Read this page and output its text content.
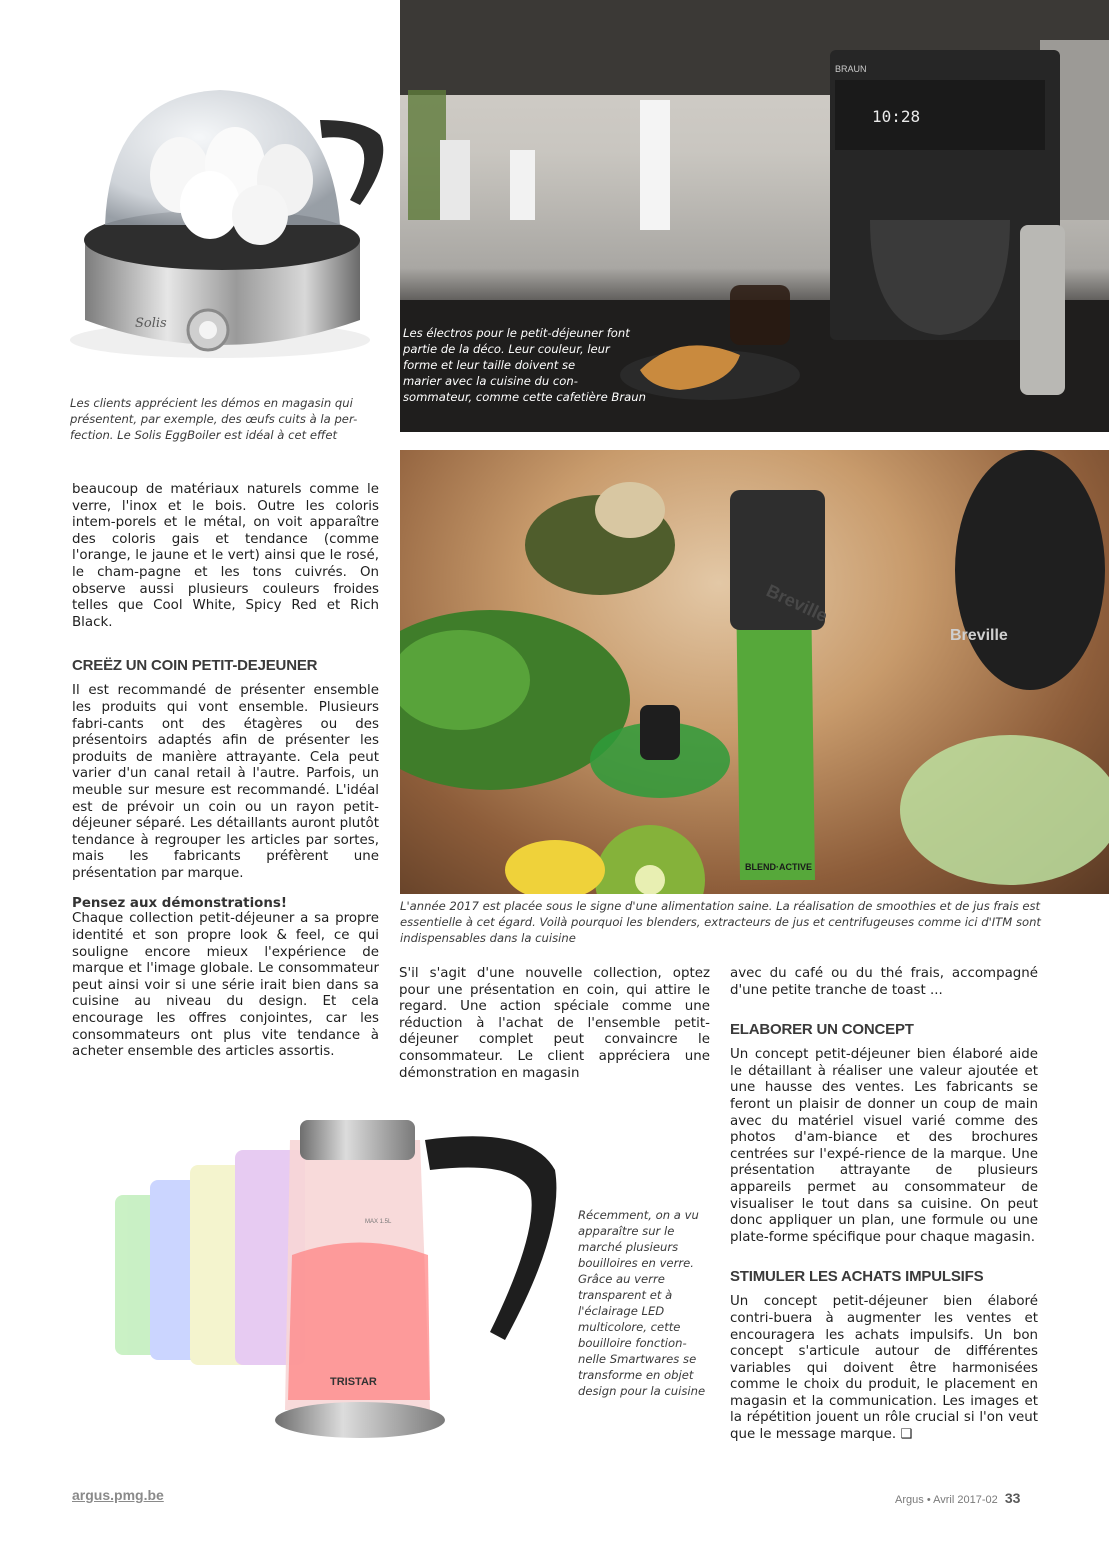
Solis

Les clients apprécient les démos en magasin qui présentent, par exemple, des œufs cuits à la per-fection. Le Solis EggBoiler est idéal à cet effet

10:28
BRAUN

Les électros pour le petit-déjeuner font

partie de la déco. Leur couleur, leur

forme et leur taille doivent se

marier avec la cuisine du con-

sommateur, comme cette cafetière Braun

Breville
BLEND·ACTIVE
Breville

L'année 2017 est placée sous le signe d'une alimentation saine. La réalisation de smoothies et de jus frais est essentielle à cet égard. Voilà pourquoi les blenders, extracteurs de jus et centrifugeuses comme ici d'ITM sont indispensables dans la cuisine

beaucoup de matériaux naturels comme le verre, l'inox et le bois. Outre les coloris intem-porels et le métal, on voit apparaître des coloris gais et tendance (comme l'orange, le jaune et le vert) ainsi que le rosé, le cham-pagne et les tons cuivrés. On observe aussi plusieurs couleurs froides telles que Cool White, Spicy Red et Rich Black.

CREËZ UN COIN PETIT-DEJEUNER

Il est recommandé de présenter ensemble les produits qui vont ensemble. Plusieurs fabri-cants ont des étagères ou des présentoirs adaptés afin de présenter les produits de manière attrayante. Cela peut varier d'un canal retail à l'autre. Parfois, un meuble sur mesure est recommandé. L'idéal est de prévoir un coin ou un rayon petit-déjeuner séparé. Les détaillants auront plutôt tendance à regrouper les articles par sortes, mais les fabricants préfèrent une présentation par marque.

Pensez aux démonstrations!

Chaque collection petit-déjeuner a sa propre identité et son propre look & feel, ce qui souligne encore mieux l'expérience de marque et l'image globale. Le consommateur peut ainsi voir si une série irait bien dans sa cuisine au niveau du design. Et cela encourage les offres conjointes, car les consommateurs ont plus vite tendance à acheter ensemble des articles assortis.

S'il s'agit d'une nouvelle collection, optez pour une présentation en coin, qui attire le regard. Une action spéciale comme une réduction à l'achat de l'ensemble petit-déjeuner complet peut convaincre le consommateur. Le client appréciera une démonstration en magasin

avec du café ou du thé frais, accompagné d'une petite tranche de toast ...

ELABORER UN CONCEPT

Un concept petit-déjeuner bien élaboré aide le détaillant à réaliser une valeur ajoutée et une hausse des ventes. Les fabricants se feront un plaisir de donner un coup de main avec du matériel visuel varié comme des photos d'am-biance et des brochures centrées sur l'expé-rience de la marque. Une présentation attrayante de plusieurs appareils permet au consommateur de visualiser le tout dans sa cuisine. On peut donc appliquer un plan, une formule ou une plate-forme spécifique pour chaque magasin.

STIMULER LES ACHATS IMPULSIFS

Un concept petit-déjeuner bien élaboré contri-buera à augmenter les ventes et encouragera les achats impulsifs. Un bon concept s'articule autour de différentes variables qui doivent être harmonisées comme le choix du produit, le placement en magasin et la communication. Les images et la répétition jouent un rôle crucial si l'on veut que le message marque. ❑

MAX 1.5L
TRISTAR

Récemment, on a vu apparaître sur le marché plusieurs bouilloires en verre. Grâce au verre transparent et à l'éclairage LED multicolore, cette bouilloire fonction-nelle Smartwares se transforme en objet design pour la cuisine

argus.pmg.be	Argus • Avril 2017-02 33
